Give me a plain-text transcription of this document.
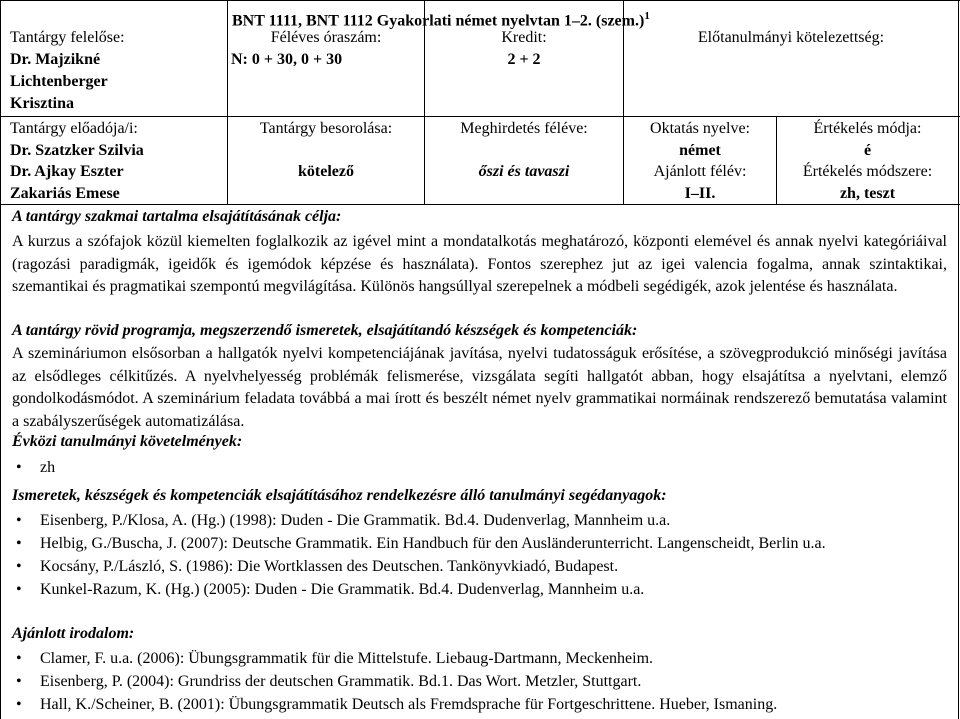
BNT 1111, BNT 1112 Gyakorlati német nyelvtan 1–2. (szem.)$^1$
Tantárgy felelőse:
Dr. Majzikné
Lichtenberger
Krisztina
Tantárgy előadója/i:
Dr. Szatzker Szilvia
Dr. Ajkay Eszter
Zakariás Emese
Féléves óraszám:
N: 0 + 30, 0 + 30
Tantárgy besorolása:
kötelező
Kredit:
2 + 2
Meghirdetés féléve:
őszi és tavaszi
Előtanulmányi kötelezettség:
Oktatás nyelve:
német
Ajánlott félév:
I–II.
Értékelés módja:
é
Értékelés módszere:
zh, teszt
A tantárgy szakmai tartalma elsajátításának célja:
A kurzus a szófajok közül kiemelten foglalkozik az igével mint a mondatalkotás meghatározó, központi elemével és annak nyelvi kategóriáival (ragozási paradigmák, igeidők és igemódok képzése és használata). Fontos szerephez jut az igei valencia fogalma, annak szintaktikai, szemantikai és pragmatikai szempontú megvilágítása. Különös hangsúllyal szerepelnek a módbeli segédigék, azok jelentése és használata.
A tantárgy rövid programja, megszerzendő ismeretek, elsajátítandó készségek és kompetenciák:
A szemináriumon elsősorban a hallgatók nyelvi kompetenciájának javítása, nyelvi tudatosságuk erősítése, a szövegprodukció minőségi javítása az elsődleges célkitűzés. A nyelvhelyesség problémák felismerése, vizsgálata segíti hallgatót abban, hogy elsajátítsa a nyelvtani, elemző gondolkodásmódot. A szeminárium feladata továbbá a mai írott és beszélt német nyelv grammatikai normáinak rendszerező bemutatása valamint a szabályszerűségek automatizálása.
Évközi tanulmányi követelmények:
• zh
Ismeretek, készségek és kompetenciák elsajátításához rendelkezésre álló tanulmányi segédanyagok:
• Eisenberg, P./Klosa, A. (Hg.) (1998): Duden - Die Grammatik. Bd.4. Dudenverlag, Mannheim u.a.
• Helbig, G./Buscha, J. (2007): Deutsche Grammatik. Ein Handbuch für den Ausländerunterricht. Langenscheidt, Berlin u.a.
• Kocsány, P./László, S. (1986): Die Wortklassen des Deutschen. Tankönyvkiadó, Budapest.
• Kunkel-Razum, K. (Hg.) (2005): Duden - Die Grammatik. Bd.4. Dudenverlag, Mannheim u.a.
Ajánlott irodalom:
• Clamer, F. u.a. (2006): Übungsgrammatik für die Mittelstufe. Liebaug-Dartmann, Meckenheim.
• Eisenberg, P. (2004): Grundriss der deutschen Grammatik. Bd.1. Das Wort. Metzler, Stuttgart.
• Hall, K./Scheiner, B. (2001): Übungsgrammatik Deutsch als Fremdsprache für Fortgeschrittene. Hueber, Ismaning.
